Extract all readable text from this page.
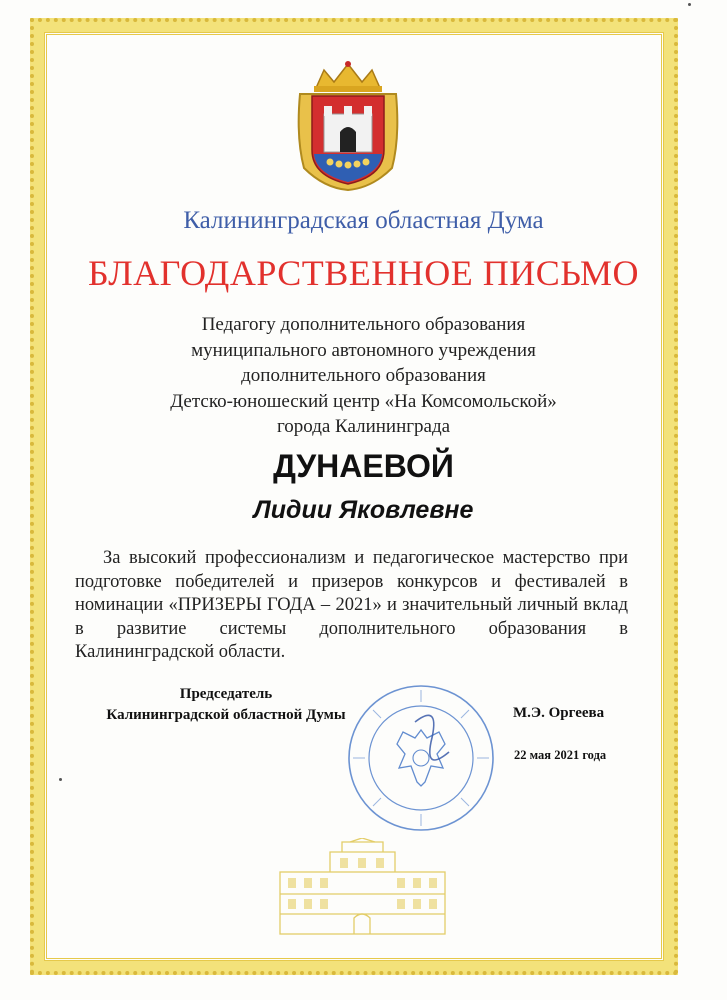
Калининградская областная Дума
БЛАГОДАРСТВЕННОЕ ПИСЬМО
Педагогу дополнительного образования
муниципального автономного учреждения
дополнительного образования
Детско-юношеский центр «На Комсомольской»
города Калининграда
ДУНАЕВОЙ
Лидии Яковлевне
За высокий профессионализм и педагогическое мастерство при подготовке победителей и призеров конкурсов и фестивалей в номинации «ПРИЗЕРЫ ГОДА – 2021» и значительный личный вклад в развитие системы дополнительного образования в Калининградской области.
Председатель
Калининградской областной Думы	М.Э. Оргеева
22 мая 2021 года
